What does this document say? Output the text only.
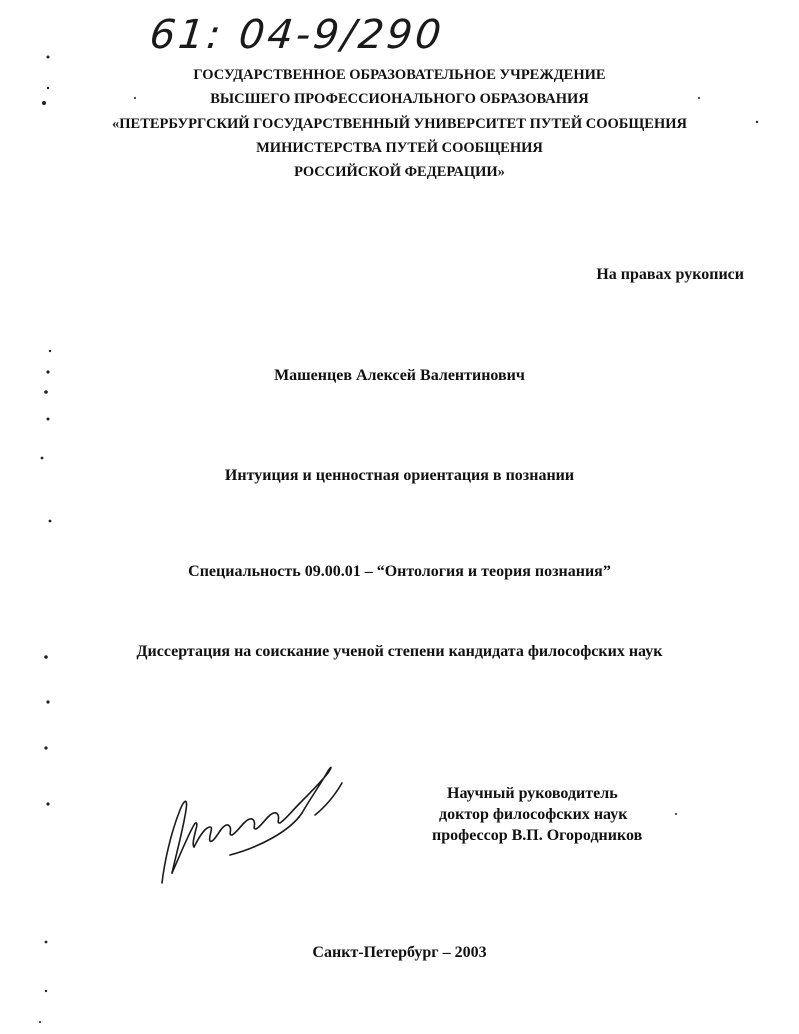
61: 04-9/290
ГОСУДАРСТВЕННОЕ ОБРАЗОВАТЕЛЬНОЕ УЧРЕЖДЕНИЕ
ВЫСШЕГО ПРОФЕССИОНАЛЬНОГО ОБРАЗОВАНИЯ
«ПЕТЕРБУРГСКИЙ ГОСУДАРСТВЕННЫЙ УНИВЕРСИТЕТ ПУТЕЙ СООБЩЕНИЯ
МИНИСТЕРСТВА ПУТЕЙ СООБЩЕНИЯ
РОССИЙСКОЙ ФЕДЕРАЦИИ»
На правах рукописи
Машенцев Алексей Валентинович
Интуиция и ценностная ориентация в познании
Специальность 09.00.01 – “Онтология и теория познания”
Диссертация на соискание ученой степени кандидата философских наук
Научный руководитель
доктор философских наук
профессор В.П. Огородников
Санкт-Петербург – 2003
